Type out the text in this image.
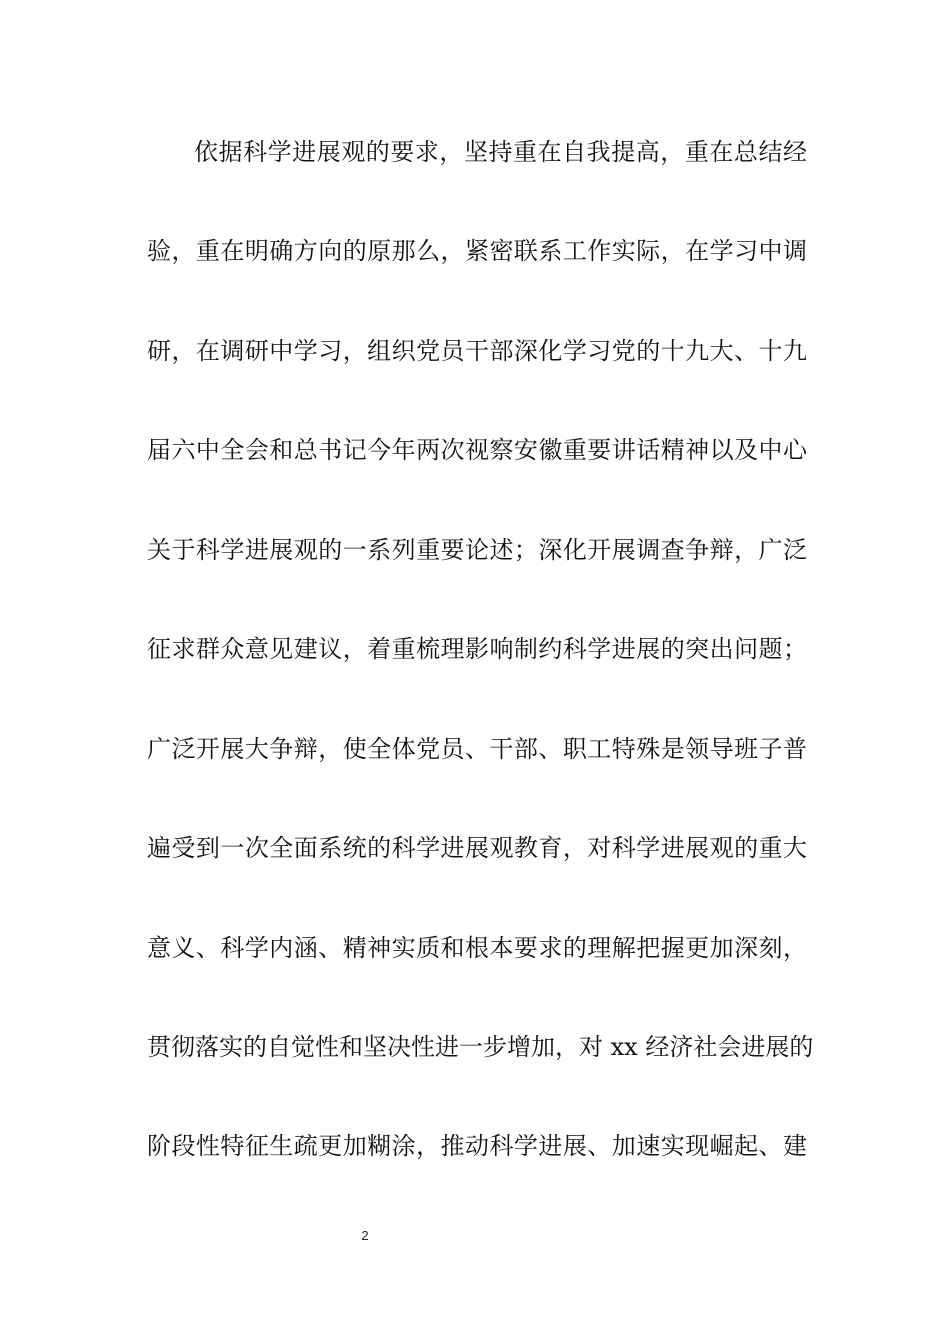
依据科学进展观的要求，坚持重在自我提高，重在总结经
验，重在明确方向的原那么，紧密联系工作实际，在学习中调
研，在调研中学习，组织党员干部深化学习党的十九大、十九
届六中全会和总书记今年两次视察安徽重要讲话精神以及中心
关于科学进展观的一系列重要论述；深化开展调查争辩，广泛
征求群众意见建议，着重梳理影响制约科学进展的突出问题；
广泛开展大争辩，使全体党员、干部、职工特殊是领导班子普
遍受到一次全面系统的科学进展观教育，对科学进展观的重大
意义、科学内涵、精神实质和根本要求的理解把握更加深刻，
贯彻落实的自觉性和坚决性进一步增加，对 xx 经济社会进展的
阶段性特征生疏更加糊涂，推动科学进展、加速实现崛起、建
2
